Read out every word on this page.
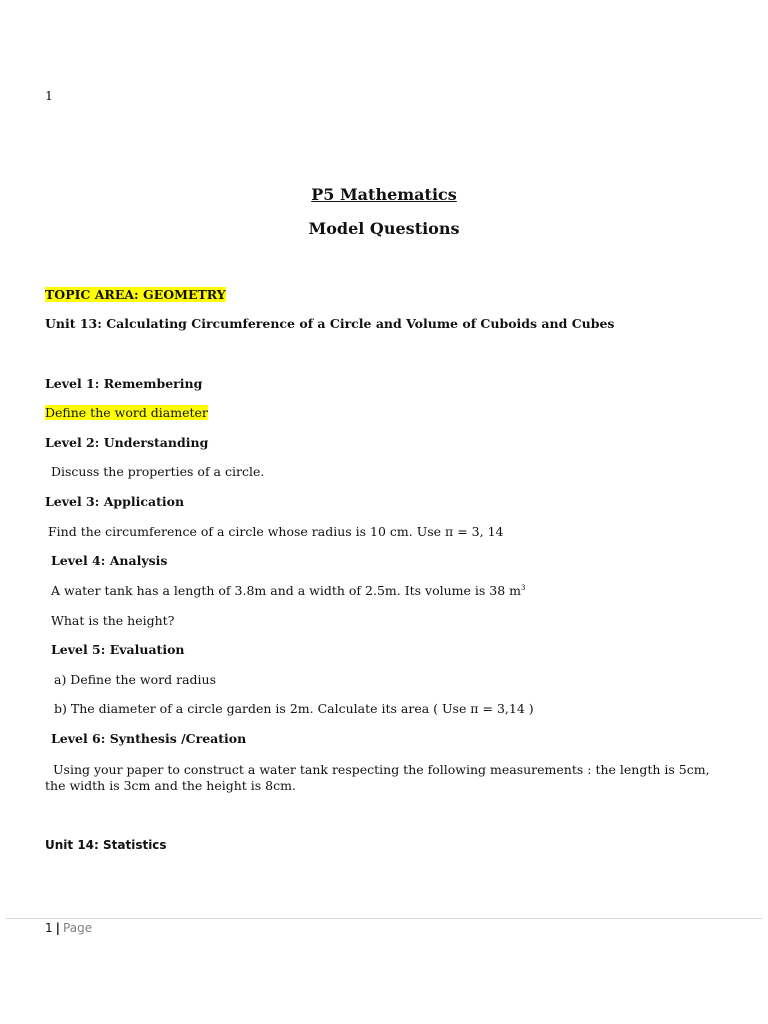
1
P5 Mathematics
Model Questions
TOPIC AREA: GEOMETRY
Unit 13: Calculating Circumference of a Circle and Volume of Cuboids and Cubes
Level 1: Remembering
Define the word diameter
Level 2: Understanding
Discuss the properties of a circle.
Level 3: Application
Find the circumference of a circle whose radius is 10 cm. Use π = 3, 14
Level 4: Analysis
A water tank has a length of 3.8m and a width of 2.5m. Its volume is 38 $m^3$
What is the height?
Level 5: Evaluation
a) Define the word radius
b) The diameter of a circle garden is 2m. Calculate its area ( Use π = 3,14 )
Level 6: Synthesis /Creation
Using your paper to construct a water tank respecting the following measurements : the length is 5cm, the width is 3cm and the height is 8cm.
Unit 14: Statistics
1 | Page
